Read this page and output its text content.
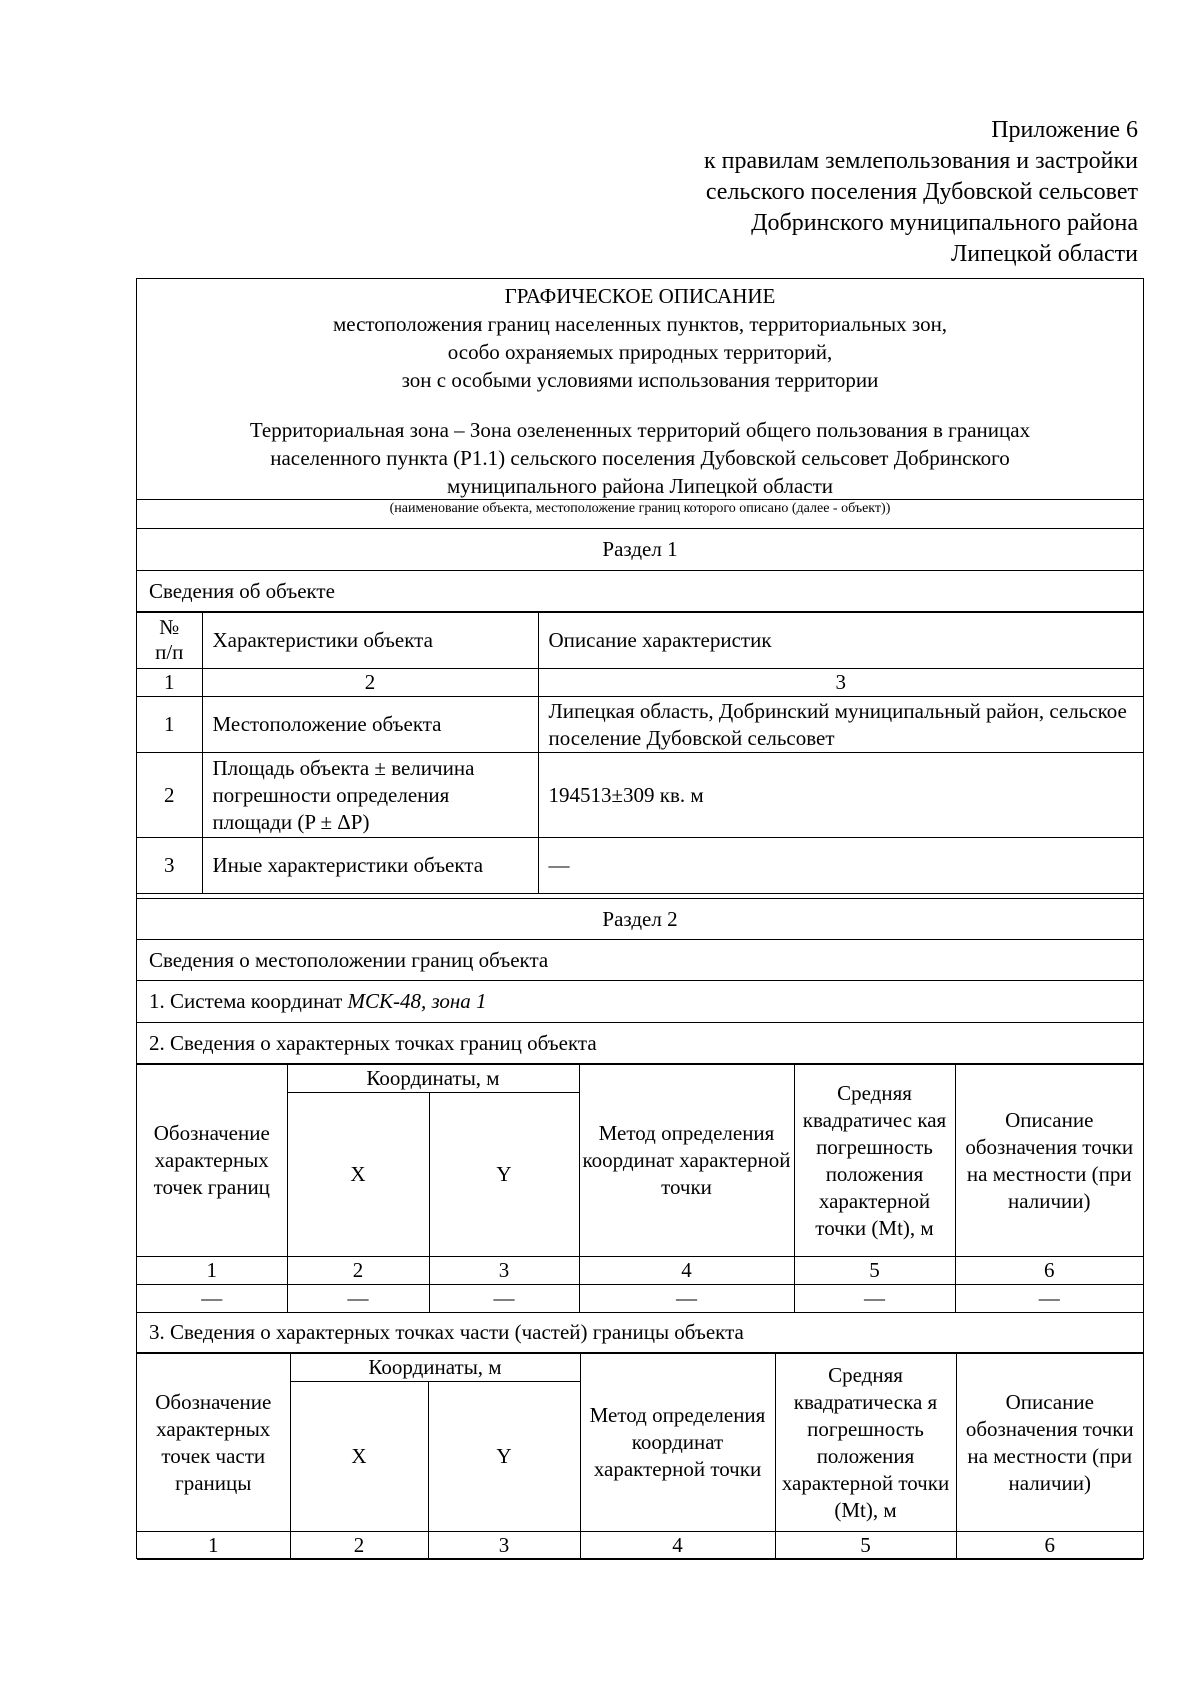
Приложение 6
к правилам землепользования и застройки
сельского поселения Дубовской сельсовет
Добринского муниципального района
Липецкой области
ГРАФИЧЕСКОЕ ОПИСАНИЕ
местоположения границ населенных пунктов, территориальных зон,
особо охраняемых природных территорий,
зон с особыми условиями использования территории
Территориальная зона – Зона озелененных территорий общего пользования в границах
населенного пункта (Р1.1) сельского поселения Дубовской сельсовет Добринского
муниципального района Липецкой области
(наименование объекта, местоположение границ которого описано (далее - объект))
Раздел 1
Сведения об объекте
№
п/п	Характеристики объекта	Описание характеристик
1	2	3
1	Местоположение объекта	Липецкая область, Добринский муниципальный район, сельское поселение Дубовской сельсовет
2	Площадь объекта ± величина погрешности определения площади (P ± ΔP)	194513±309 кв. м
3	Иные характеристики объекта	—
Раздел 2
Сведения о местоположении границ объекта
1. Система координат МСК-48, зона 1
2. Сведения о характерных точках границ объекта
Обозначение характерных точек границ	Координаты, м		Метод определения координат характерной точки	Средняя квадратичес кая погрешность положения характерной точки (Mt), м	Описание обозначения точки на местности (при наличии)
	X	Y			
1	2	3	4	5	6
—	—	—	—	—	—
3. Сведения о характерных точках части (частей) границы объекта
Обозначение характерных точек части границы	Координаты, м		Метод определения координат характерной точки	Средняя квадратическа я погрешность положения характерной точки (Mt), м	Описание обозначения точки на местности (при наличии)
	X	Y			
1	2	3	4	5	6
